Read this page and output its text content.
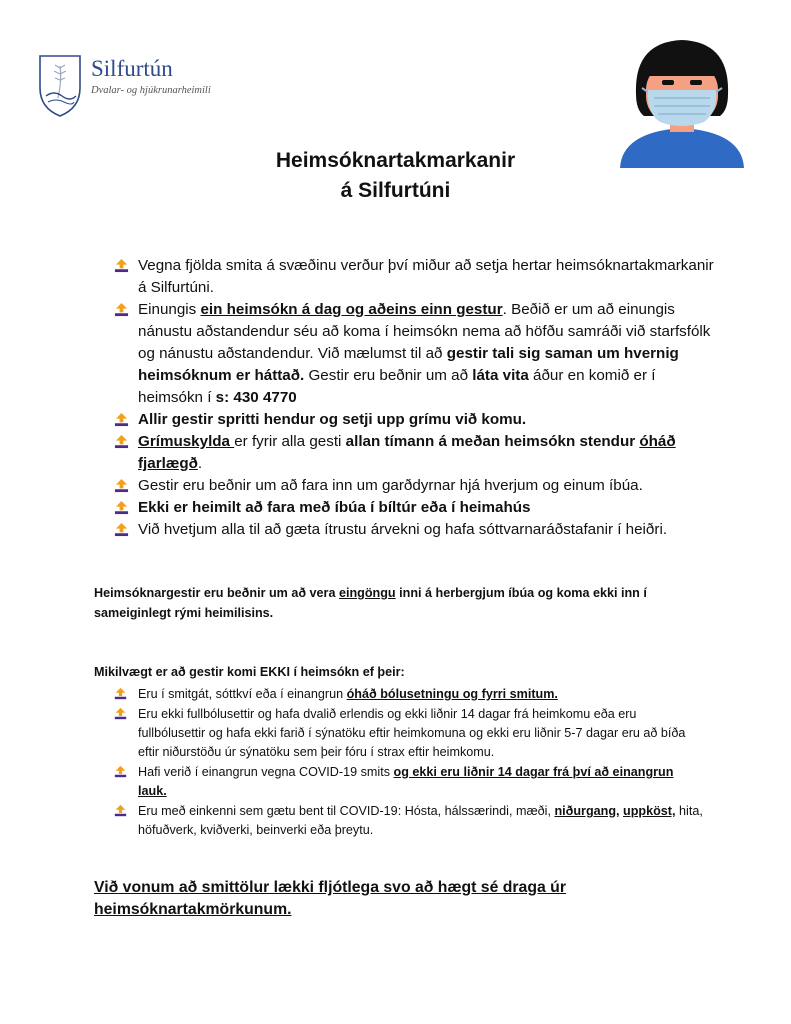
Silfurtún
Dvalar- og hjúkrunarheimili
Heimsóknartakmarkanir
á Silfurtúni
Vegna fjölda smita á svæðinu verður því miður að setja hertar heimsóknartakmarkanir á Silfurtúni.
Einungis ein heimsókn á dag og aðeins einn gestur. Beðið er um að einungis nánustu aðstandendur séu að koma í heimsókn nema að höfðu samráði við starfsfólk og nánustu aðstandendur. Við mælumst til að gestir tali sig saman um hvernig heimsóknum er háttað. Gestir eru beðnir um að láta vita áður en komið er í heimsókn í s: 430 4770
Allir gestir spritti hendur og setji upp grímu við komu.
Grímuskylda er fyrir alla gesti allan tímann á meðan heimsókn stendur óháð fjarlægð.
Gestir eru beðnir um að fara inn um garðdyrnar hjá hverjum og einum íbúa.
Ekki er heimilt að fara með íbúa í bíltúr eða í heimahús
Við hvetjum alla til að gæta ítrustu árvekni og hafa sóttvarnaráðstafanir í heiðri.
Heimsóknargestir eru beðnir um að vera eingöngu inni á herbergjum íbúa og koma ekki inn í sameiginlegt rými heimilisins.
Mikilvægt er að gestir komi EKKI í heimsókn ef þeir:
Eru í smitgát, sóttkví eða í einangrun óháð bólusetningu og fyrri smitum.
Eru ekki fullbólusettir og hafa dvalið erlendis og ekki liðnir 14 dagar frá heimkomu eða eru fullbólusettir og hafa ekki farið í sýnatöku eftir heimkomuna og ekki eru liðnir 5-7 dagar eru að bíða eftir niðurstöðu úr sýnatöku sem þeir fóru í strax eftir heimkomu.
Hafi verið í einangrun vegna COVID-19 smits og ekki eru liðnir 14 dagar frá því að einangrun lauk.
Eru með einkenni sem gætu bent til COVID-19: Hósta, hálssærindi, mæði, niðurgang, uppköst, hita, höfuðverk, kviðverki, beinverki eða þreytu.
Við vonum að smittölur lækki fljótlega svo að hægt sé draga úr heimsóknartakmörkunum.
